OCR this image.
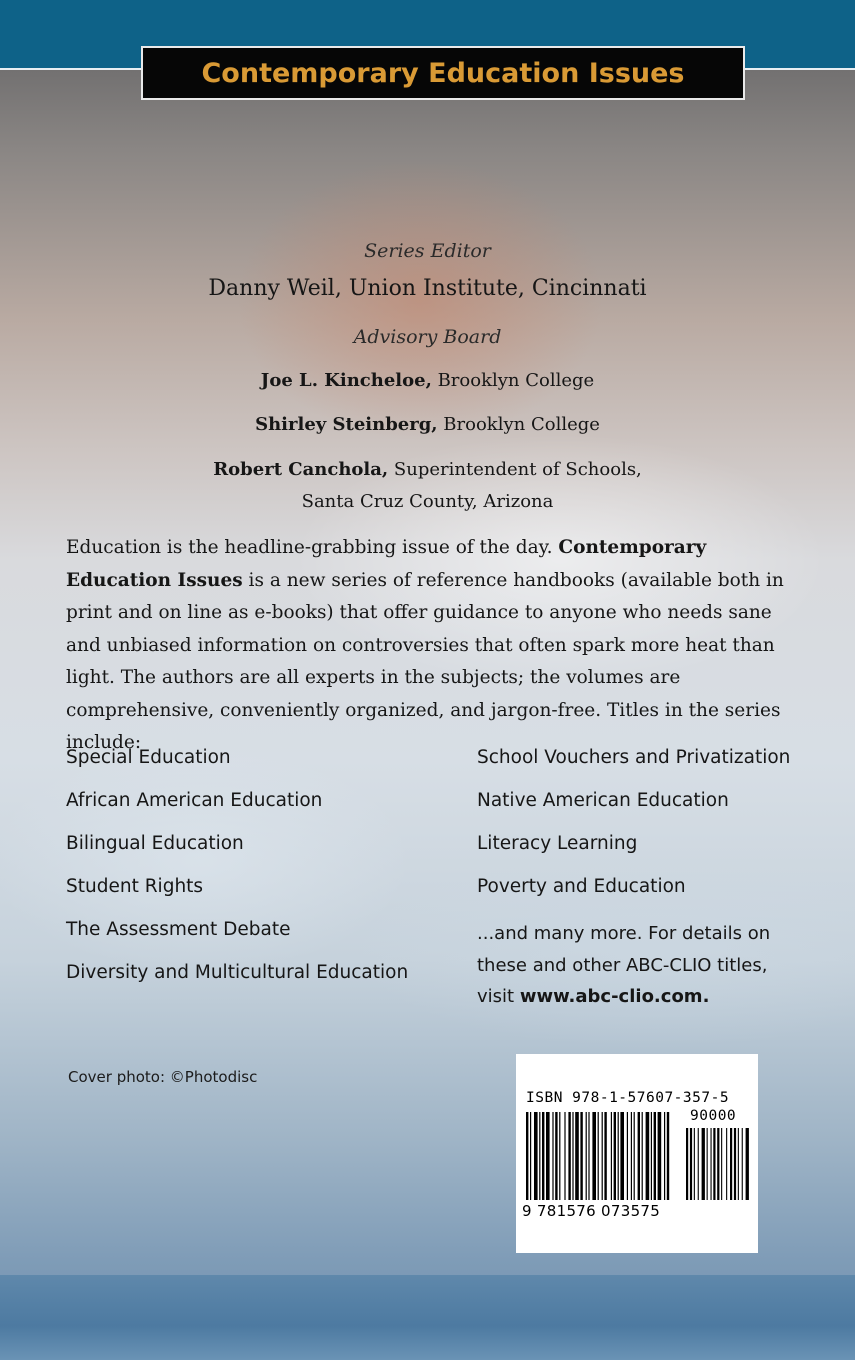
Contemporary Education Issues
Series Editor
Danny Weil, Union Institute, Cincinnati
Advisory Board
Joe L. Kincheloe, Brooklyn College
Shirley Steinberg, Brooklyn College
Robert Canchola, Superintendent of Schools,
Santa Cruz County, Arizona
Education is the headline-grabbing issue of the day. Contemporary Education Issues is a new series of reference handbooks (available both in print and on line as e-books) that offer guidance to anyone who needs sane and unbiased information on controversies that often spark more heat than light. The authors are all experts in the subjects; the volumes are comprehensive, conveniently organized, and jargon-free. Titles in the series include:
Special Education
African American Education
Bilingual Education
Student Rights
The Assessment Debate
Diversity and Multicultural Education
School Vouchers and Privatization
Native American Education
Literacy Learning
Poverty and Education
...and many more. For details on these and other ABC-CLIO titles, visit www.abc-clio.com.
Cover photo: ©Photodisc
ISBN 978-1-57607-357-5
90000
9 781576 073575
